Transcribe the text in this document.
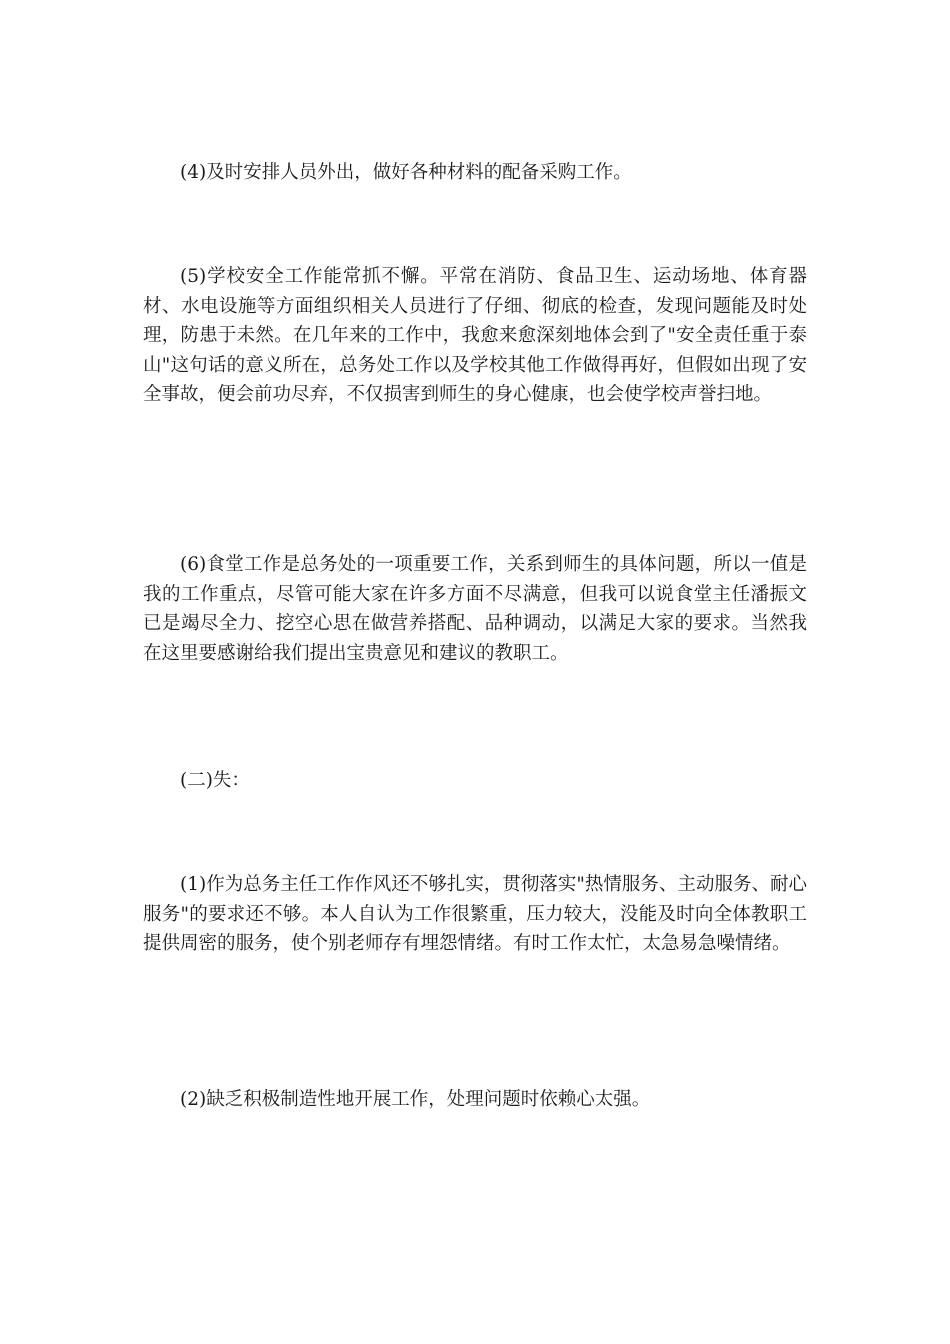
(4)及时安排人员外出，做好各种材料的配备采购工作。

(5)学校安全工作能常抓不懈。平常在消防、食品卫生、运动场地、体育器材、水电设施等方面组织相关人员进行了仔细、彻底的检查，发现问题能及时处理，防患于未然。在几年来的工作中，我愈来愈深刻地体会到了"安全责任重于泰山"这句话的意义所在，总务处工作以及学校其他工作做得再好，但假如出现了安全事故，便会前功尽弃，不仅损害到师生的身心健康，也会使学校声誉扫地。

(6)食堂工作是总务处的一项重要工作，关系到师生的具体问题，所以一值是我的工作重点，尽管可能大家在许多方面不尽满意，但我可以说食堂主任潘振文已是竭尽全力、挖空心思在做营养搭配、品种调动，以满足大家的要求。当然我在这里要感谢给我们提出宝贵意见和建议的教职工。

(二)失：

(1)作为总务主任工作作风还不够扎实，贯彻落实"热情服务、主动服务、耐心服务"的要求还不够。本人自认为工作很繁重，压力较大，没能及时向全体教职工提供周密的服务，使个别老师存有埋怨情绪。有时工作太忙，太急易急噪情绪。

(2)缺乏积极制造性地开展工作，处理问题时依赖心太强。
